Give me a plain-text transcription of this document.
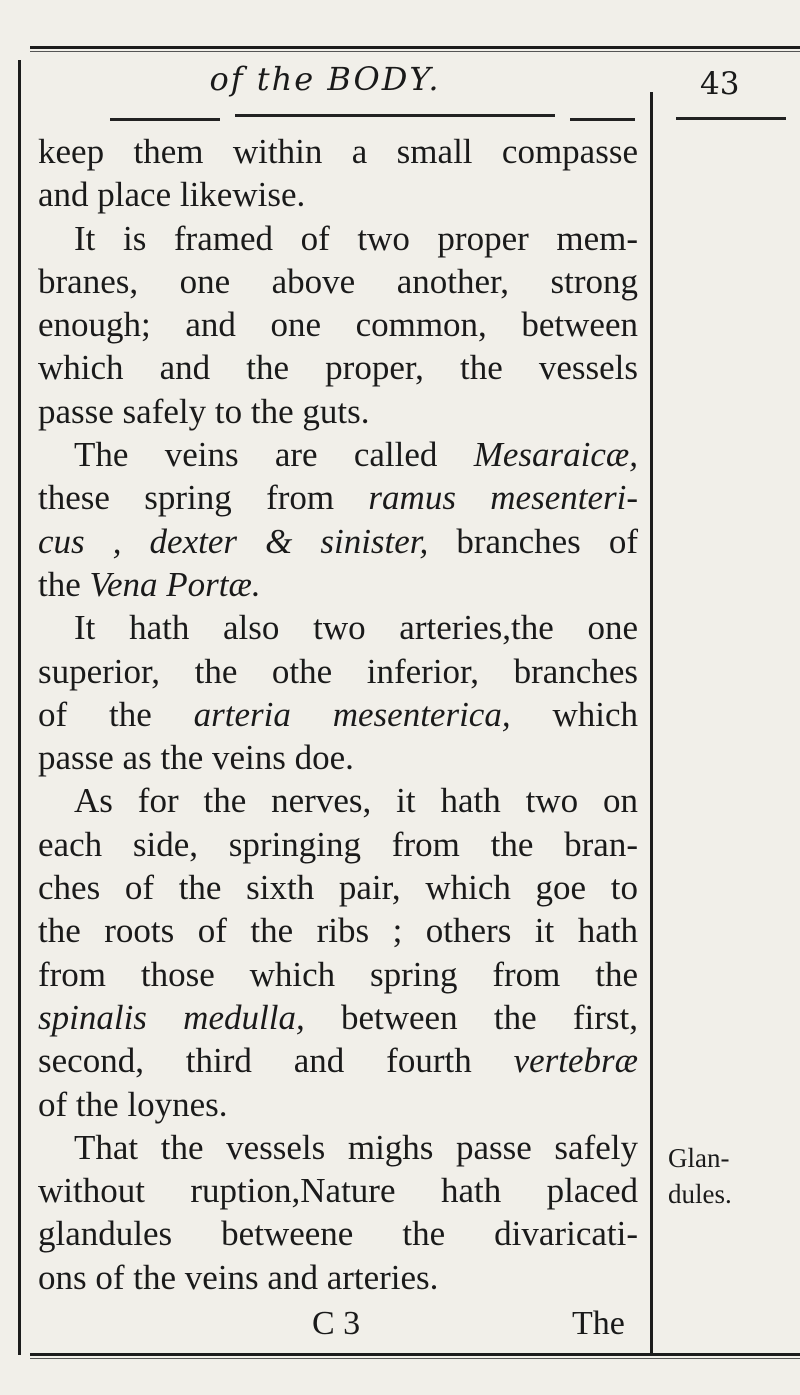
of the BODY.	43
keep them within a small compasse
and place likewise.
It is framed of two proper mem-
branes, one above another, strong
enough; and one common, between
which and the proper, the vessels
passe safely to the guts.
The veins are called Mesaraicæ,
these spring from ramus mesenteri-
cus , dexter & sinister, branches of
the Vena Portæ.
It hath also two arteries,the one
superior, the othe inferior, branches
of the arteria mesenterica, which
passe as the veins doe.
As for the nerves, it hath two on
each side, springing from the bran-
ches of the sixth pair, which goe to
the roots of the ribs ; others it hath
from those which spring from the
spinalis medulla, between the first,
second, third and fourth vertebræ
of the loynes.
That the vessels mighs passe safely
without ruption,Nature hath placed
glandules betweene the divaricati-
ons of the veins and arteries.
Glan-
dules.
C 3	The
